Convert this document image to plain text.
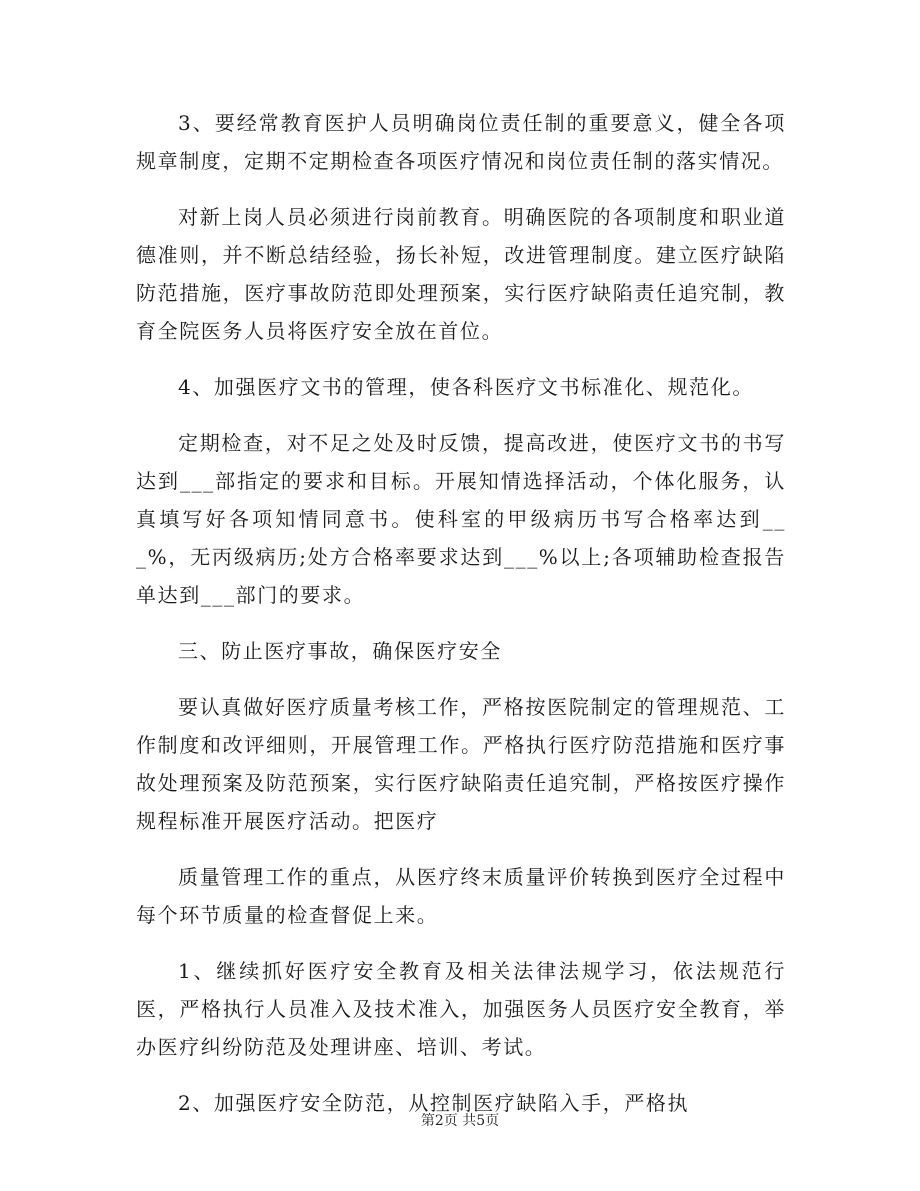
3、要经常教育医护人员明确岗位责任制的重要意义，健全各项规章制度，定期不定期检查各项医疗情况和岗位责任制的落实情况。

对新上岗人员必须进行岗前教育。明确医院的各项制度和职业道德准则，并不断总结经验，扬长补短，改进管理制度。建立医疗缺陷防范措施，医疗事故防范即处理预案，实行医疗缺陷责任追究制，教育全院医务人员将医疗安全放在首位。

4、加强医疗文书的管理，使各科医疗文书标准化、规范化。

定期检查，对不足之处及时反馈，提高改进，使医疗文书的书写达到___部指定的要求和目标。开展知情选择活动，个体化服务，认真填写好各项知情同意书。使科室的甲级病历书写合格率达到___%，无丙级病历;处方合格率要求达到___%以上;各项辅助检查报告单达到___部门的要求。

三、防止医疗事故，确保医疗安全

要认真做好医疗质量考核工作，严格按医院制定的管理规范、工作制度和改评细则，开展管理工作。严格执行医疗防范措施和医疗事故处理预案及防范预案，实行医疗缺陷责任追究制，严格按医疗操作规程标准开展医疗活动。把医疗

质量管理工作的重点，从医疗终末质量评价转换到医疗全过程中每个环节质量的检查督促上来。

1、继续抓好医疗安全教育及相关法律法规学习，依法规范行医，严格执行人员准入及技术准入，加强医务人员医疗安全教育，举办医疗纠纷防范及处理讲座、培训、考试。

2、加强医疗安全防范，从控制医疗缺陷入手，严格执

第2页 共5页
